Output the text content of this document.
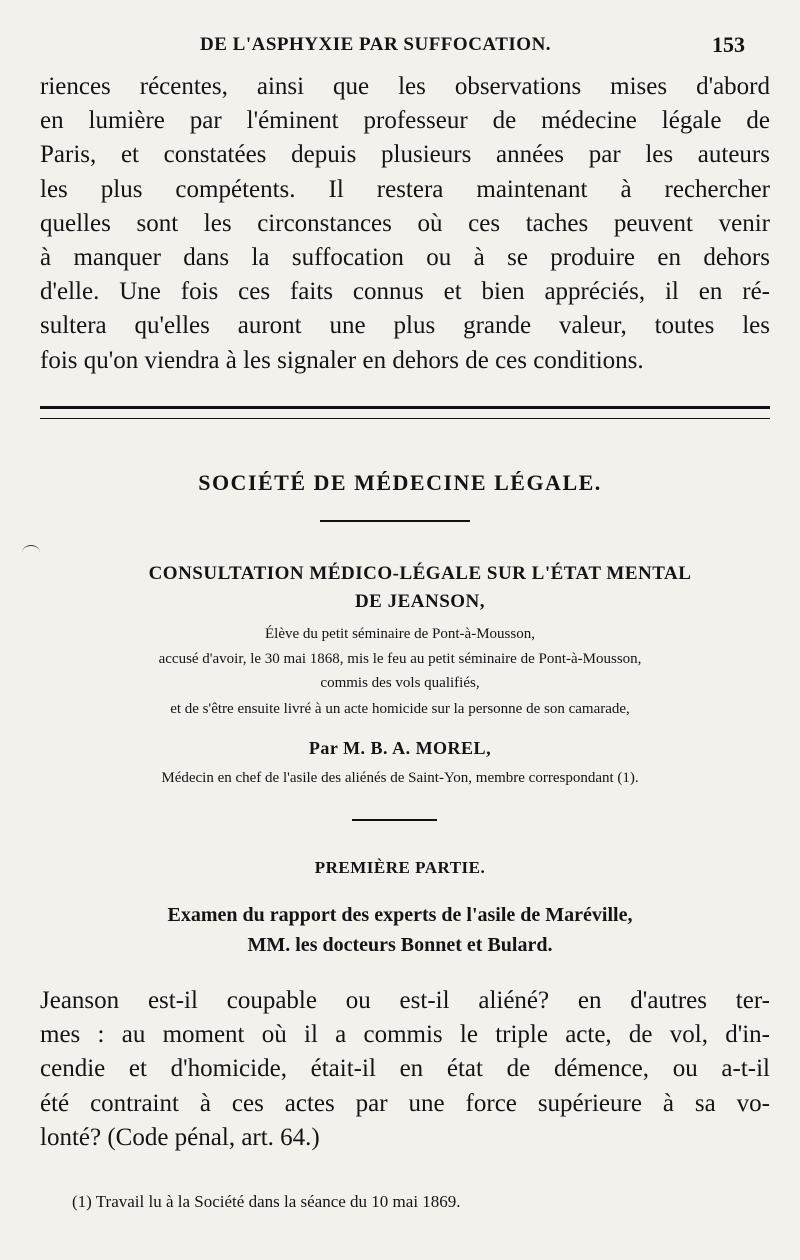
DE L'ASPHYXIE PAR SUFFOCATION.	153
riences récentes, ainsi que les observations mises d'abord
en lumière par l'éminent professeur de médecine légale de
Paris, et constatées depuis plusieurs années par les auteurs
les plus compétents. Il restera maintenant à rechercher
quelles sont les circonstances où ces taches peuvent venir
à manquer dans la suffocation ou à se produire en dehors
d'elle. Une fois ces faits connus et bien appréciés, il en ré-
sultera qu'elles auront une plus grande valeur, toutes les
fois qu'on viendra à les signaler en dehors de ces conditions.
SOCIÉTÉ DE MÉDECINE LÉGALE.
CONSULTATION MÉDICO-LÉGALE SUR L'ÉTAT MENTAL
DE JEANSON,
Élève du petit séminaire de Pont-à-Mousson,
accusé d'avoir, le 30 mai 1868, mis le feu au petit séminaire de Pont-à-Mousson,
commis des vols qualifiés,
et de s'être ensuite livré à un acte homicide sur la personne de son camarade,
Par M. B. A. MOREL,
Médecin en chef de l'asile des aliénés de Saint-Yon, membre correspondant (1).
PREMIÈRE PARTIE.
Examen du rapport des experts de l'asile de Maréville,
MM. les docteurs Bonnet et Bulard.
Jeanson est-il coupable ou est-il aliéné? en d'autres ter-
mes : au moment où il a commis le triple acte, de vol, d'in-
cendie et d'homicide, était-il en état de démence, ou a-t-il
été contraint à ces actes par une force supérieure à sa vo-
lonté? (Code pénal, art. 64.)
(1) Travail lu à la Société dans la séance du 10 mai 1869.
